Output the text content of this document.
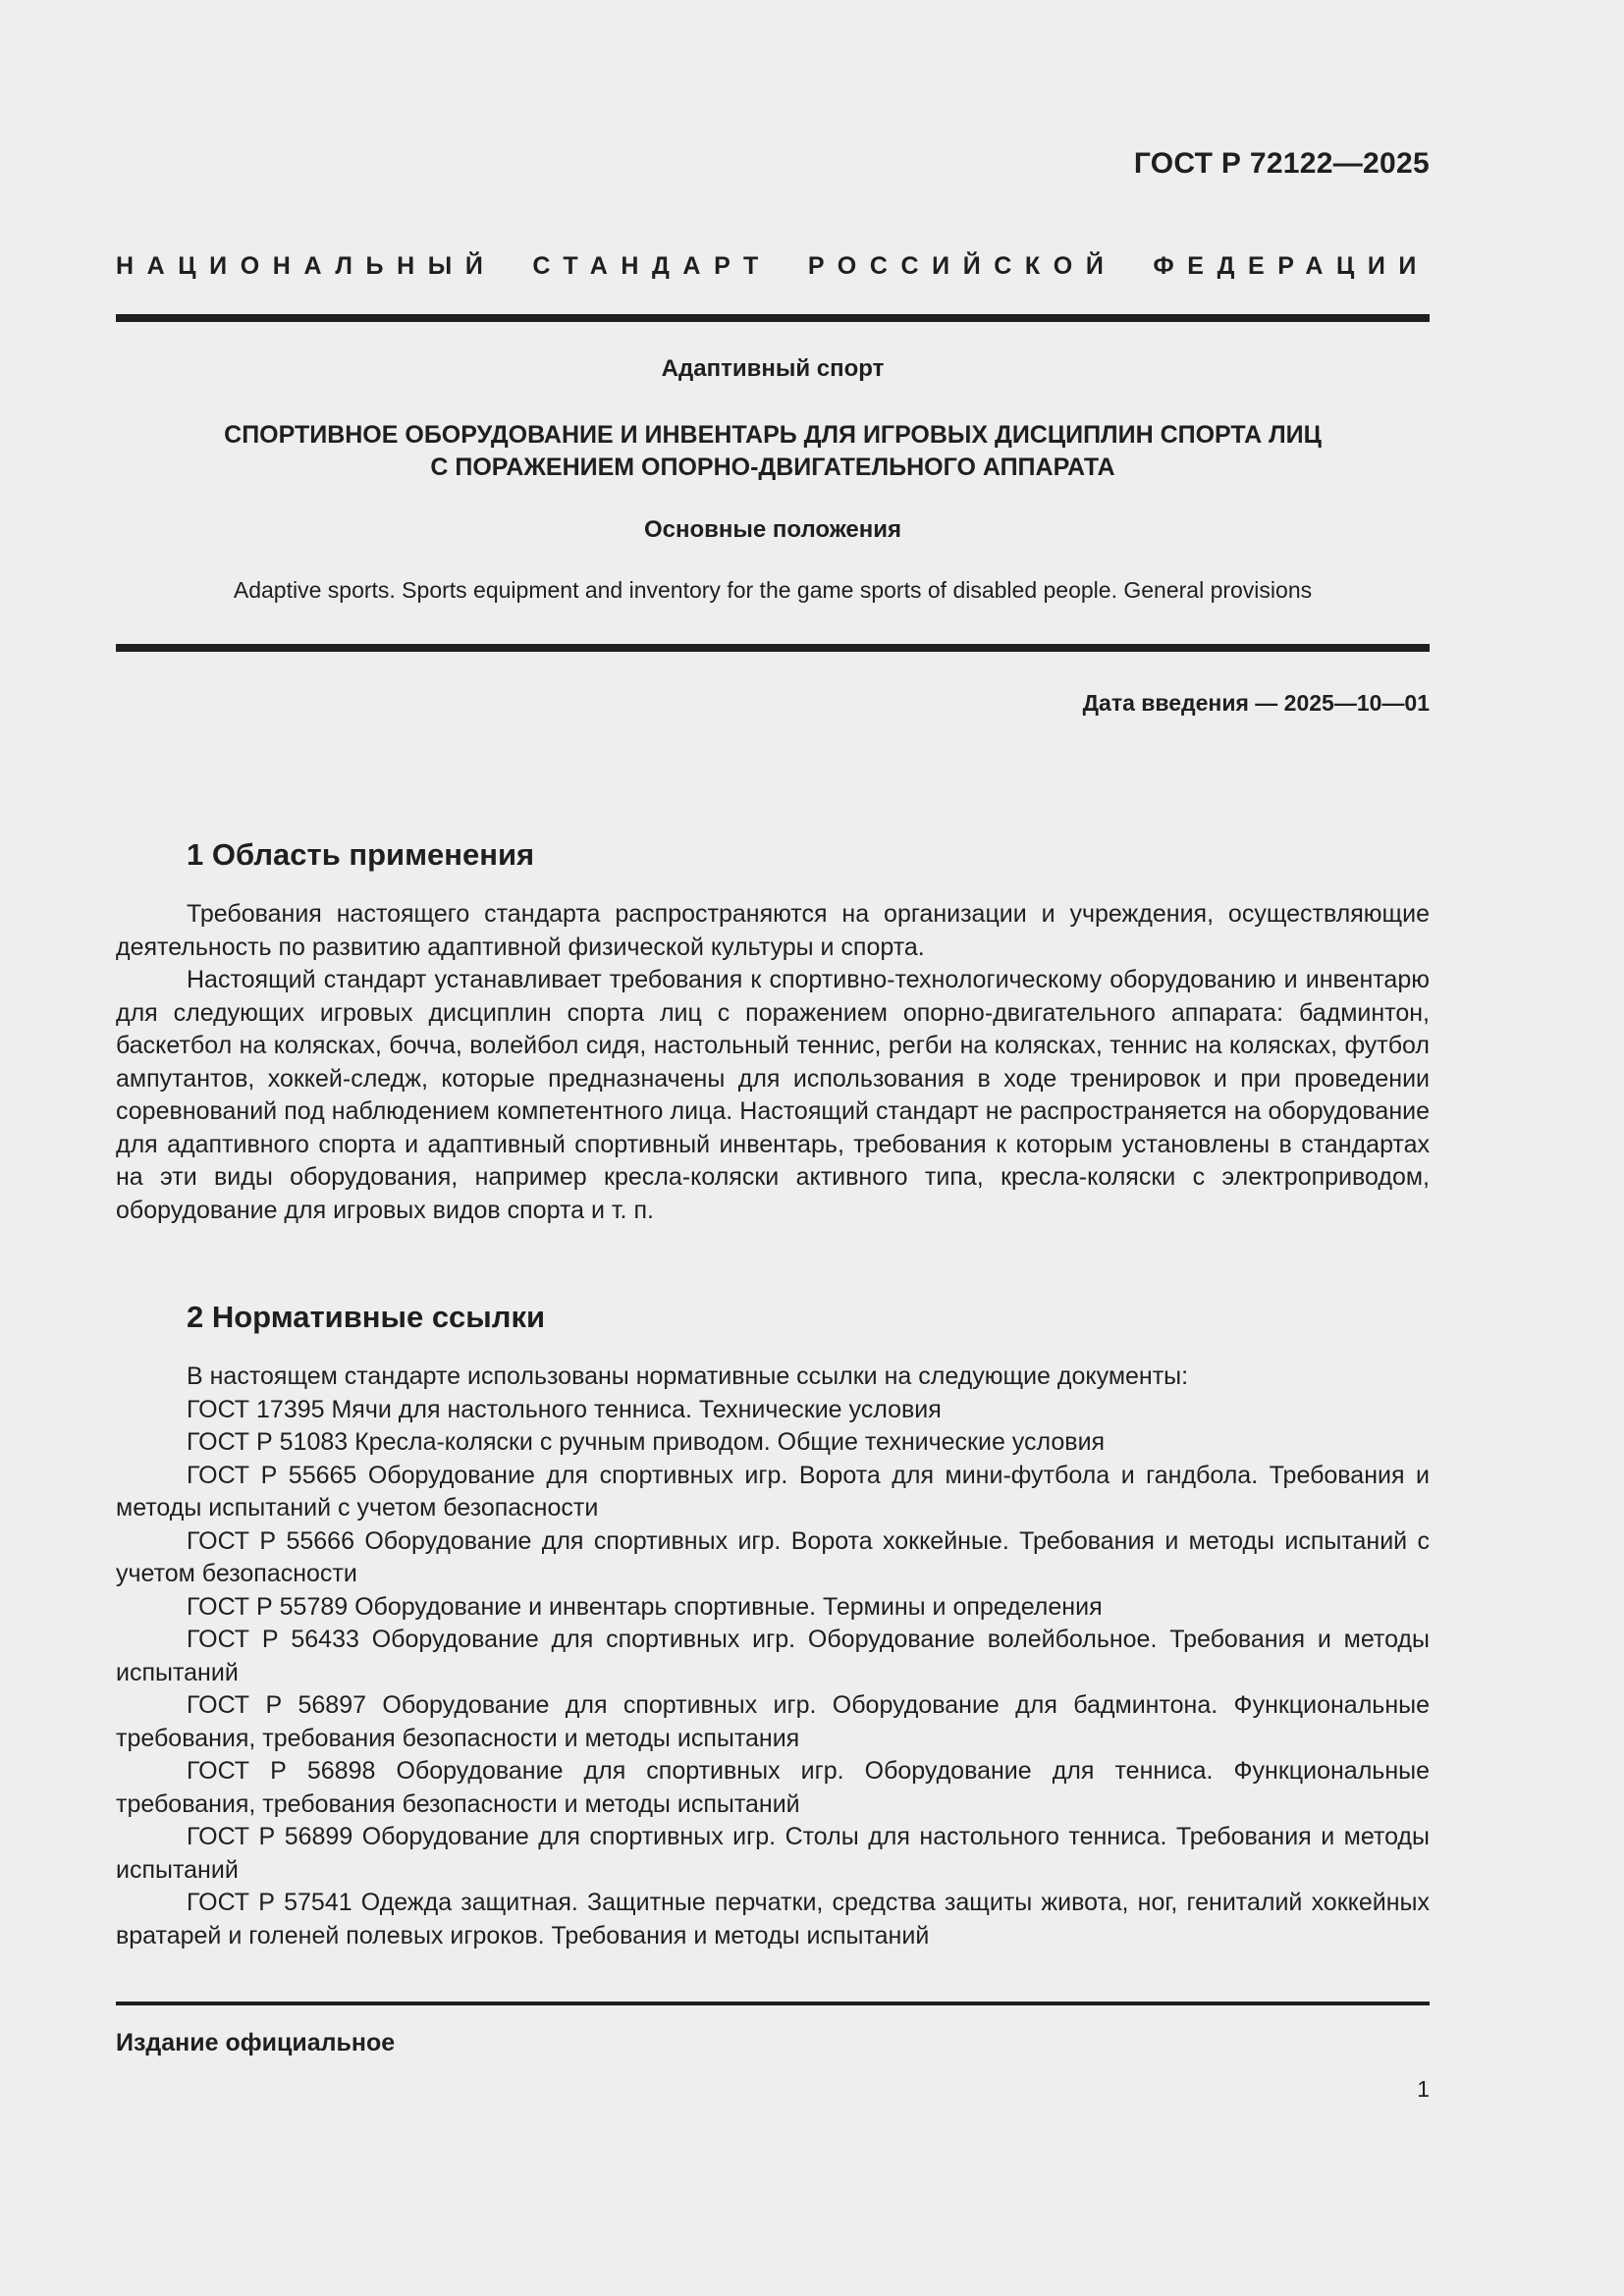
ГОСТ Р 72122—2025
НАЦИОНАЛЬНЫЙ СТАНДАРТ РОССИЙСКОЙ ФЕДЕРАЦИИ
Адаптивный спорт
СПОРТИВНОЕ ОБОРУДОВАНИЕ И ИНВЕНТАРЬ ДЛЯ ИГРОВЫХ ДИСЦИПЛИН СПОРТА ЛИЦ
С ПОРАЖЕНИЕМ ОПОРНО-ДВИГАТЕЛЬНОГО АППАРАТА
Основные положения
Adaptive sports. Sports equipment and inventory for the game sports of disabled people. General provisions
Дата введения — 2025—10—01
1 Область применения

Требования настоящего стандарта распространяются на организации и учреждения, осуществляющие деятельность по развитию адаптивной физической культуры и спорта.

Настоящий стандарт устанавливает требования к спортивно-технологическому оборудованию и инвентарю для следующих игровых дисциплин спорта лиц с поражением опорно-двигательного аппарата: бадминтон, баскетбол на колясках, бочча, волейбол сидя, настольный теннис, регби на колясках, теннис на колясках, футбол ампутантов, хоккей-следж, которые предназначены для использования в ходе тренировок и при проведении соревнований под наблюдением компетентного лица. Настоящий стандарт не распространяется на оборудование для адаптивного спорта и адаптивный спортивный инвентарь, требования к которым установлены в стандартах на эти виды оборудования, например кресла-коляски активного типа, кресла-коляски с электроприводом, оборудование для игровых видов спорта и т. п.

2 Нормативные ссылки

В настоящем стандарте использованы нормативные ссылки на следующие документы:

ГОСТ 17395 Мячи для настольного тенниса. Технические условия

ГОСТ Р 51083 Кресла-коляски с ручным приводом. Общие технические условия

ГОСТ Р 55665 Оборудование для спортивных игр. Ворота для мини-футбола и гандбола. Требования и методы испытаний с учетом безопасности

ГОСТ Р 55666 Оборудование для спортивных игр. Ворота хоккейные. Требования и методы испытаний с учетом безопасности

ГОСТ Р 55789 Оборудование и инвентарь спортивные. Термины и определения

ГОСТ Р 56433 Оборудование для спортивных игр. Оборудование волейбольное. Требования и методы испытаний

ГОСТ Р 56897 Оборудование для спортивных игр. Оборудование для бадминтона. Функциональные требования, требования безопасности и методы испытания

ГОСТ Р 56898 Оборудование для спортивных игр. Оборудование для тенниса. Функциональные требования, требования безопасности и методы испытаний

ГОСТ Р 56899 Оборудование для спортивных игр. Столы для настольного тенниса. Требования и методы испытаний

ГОСТ Р 57541 Одежда защитная. Защитные перчатки, средства защиты живота, ног, гениталий хоккейных вратарей и голеней полевых игроков. Требования и методы испытаний

Издание официальное
1
